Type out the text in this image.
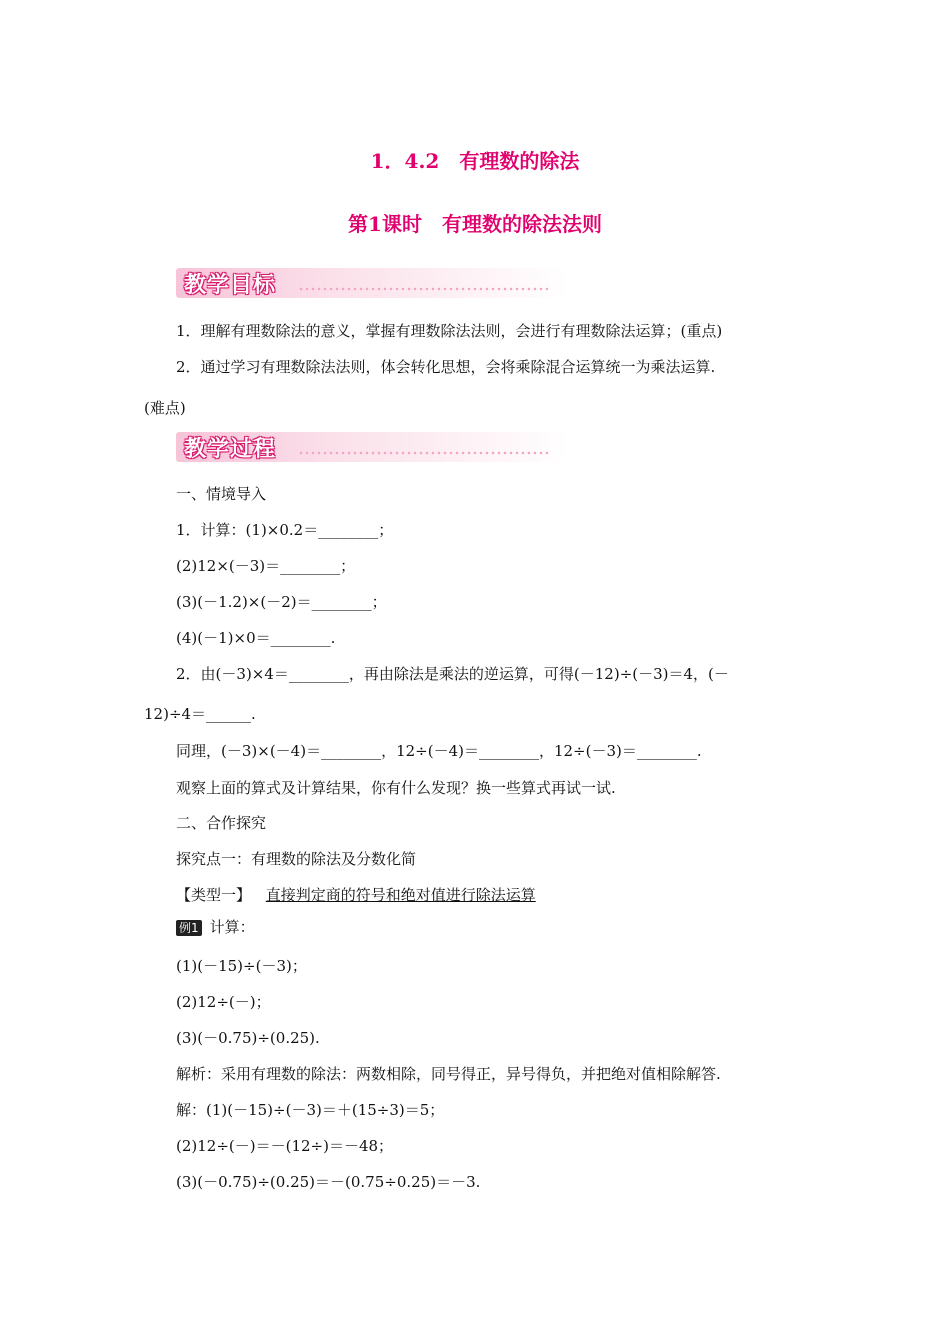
1．4.2　有理数的除法
第1课时　有理数的除法法则
教学目标
1．理解有理数除法的意义，掌握有理数除法法则，会进行有理数除法运算；(重点)
2．通过学习有理数除法法则，体会转化思想，会将乘除混合运算统一为乘法运算.
(难点)
教学过程
一、情境导入
1．计算：(1)×0.2＝________；
(2)12×(－3)＝________；
(3)(－1.2)×(－2)＝________；
(4)(－1)×0＝________.
2．由(－3)×4＝________，再由除法是乘法的逆运算，可得(－12)÷(－3)＝4，(－
12)÷4＝______.
同理，(－3)×(－4)＝________，12÷(－4)＝________，12÷(－3)＝________.
观察上面的算式及计算结果，你有什么发现？换一些算式再试一试.
二、合作探究
探究点一：有理数的除法及分数化简
【类型一】 直接判定商的符号和绝对值进行除法运算
例1 计算：
(1)(－15)÷(－3)；
(2)12÷(－)；
(3)(－0.75)÷(0.25).
解析：采用有理数的除法：两数相除，同号得正，异号得负，并把绝对值相除解答.
解：(1)(－15)÷(－3)＝＋(15÷3)＝5；
(2)12÷(－)＝－(12÷)＝－48；
(3)(－0.75)÷(0.25)＝－(0.75÷0.25)＝－3.
